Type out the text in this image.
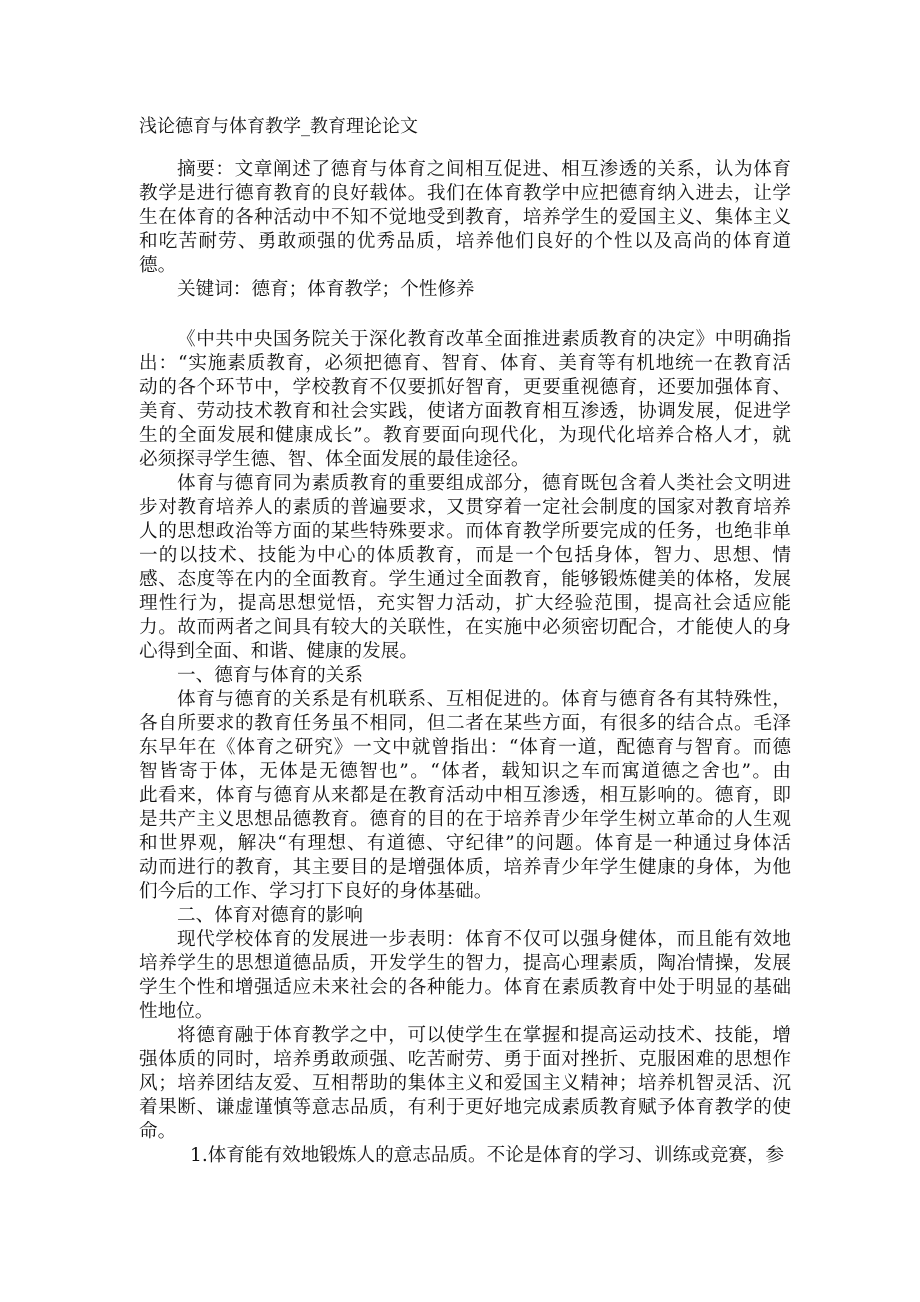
浅论德育与体育教学_教育理论论文
摘要：文章阐述了德育与体育之间相互促进、相互渗透的关系，认为体育
教学是进行德育教育的良好载体。我们在体育教学中应把德育纳入进去，让学
生在体育的各种活动中不知不觉地受到教育，培养学生的爱国主义、集体主义
和吃苦耐劳、勇敢顽强的优秀品质，培养他们良好的个性以及高尚的体育道
德。
关键词：德育；体育教学；个性修养
《中共中央国务院关于深化教育改革全面推进素质教育的决定》中明确指
出：“实施素质教育，必须把德育、智育、体育、美育等有机地统一在教育活
动的各个环节中，学校教育不仅要抓好智育，更要重视德育，还要加强体育、
美育、劳动技术教育和社会实践，使诸方面教育相互渗透，协调发展，促进学
生的全面发展和健康成长”。教育要面向现代化，为现代化培养合格人才，就
必须探寻学生德、智、体全面发展的最佳途径。
体育与德育同为素质教育的重要组成部分，德育既包含着人类社会文明进
步对教育培养人的素质的普遍要求，又贯穿着一定社会制度的国家对教育培养
人的思想政治等方面的某些特殊要求。而体育教学所要完成的任务，也绝非单
一的以技术、技能为中心的体质教育，而是一个包括身体，智力、思想、情
感、态度等在内的全面教育。学生通过全面教育，能够锻炼健美的体格，发展
理性行为，提高思想觉悟，充实智力活动，扩大经验范围，提高社会适应能
力。故而两者之间具有较大的关联性，在实施中必须密切配合，才能使人的身
心得到全面、和谐、健康的发展。
一、德育与体育的关系
体育与德育的关系是有机联系、互相促进的。体育与德育各有其特殊性，
各自所要求的教育任务虽不相同，但二者在某些方面，有很多的结合点。毛泽
东早年在《体育之研究》一文中就曾指出：“体育一道，配德育与智育。而德
智皆寄于体，无体是无德智也”。“体者，载知识之车而寓道德之舍也”。由
此看来，体育与德育从来都是在教育活动中相互渗透，相互影响的。德育，即
是共产主义思想品德教育。德育的目的在于培养青少年学生树立革命的人生观
和世界观，解决“有理想、有道德、守纪律”的问题。体育是一种通过身体活
动而进行的教育，其主要目的是增强体质，培养青少年学生健康的身体，为他
们今后的工作、学习打下良好的身体基础。
二、体育对德育的影响
现代学校体育的发展进一步表明：体育不仅可以强身健体，而且能有效地
培养学生的思想道德品质，开发学生的智力，提高心理素质，陶冶情操，发展
学生个性和增强适应未来社会的各种能力。体育在素质教育中处于明显的基础
性地位。
将德育融于体育教学之中，可以使学生在掌握和提高运动技术、技能，增
强体质的同时，培养勇敢顽强、吃苦耐劳、勇于面对挫折、克服困难的思想作
风；培养团结友爱、互相帮助的集体主义和爱国主义精神；培养机智灵活、沉
着果断、谦虚谨慎等意志品质，有利于更好地完成素质教育赋予体育教学的使
命。
1.体育能有效地锻炼人的意志品质。不论是体育的学习、训练或竞赛，参
